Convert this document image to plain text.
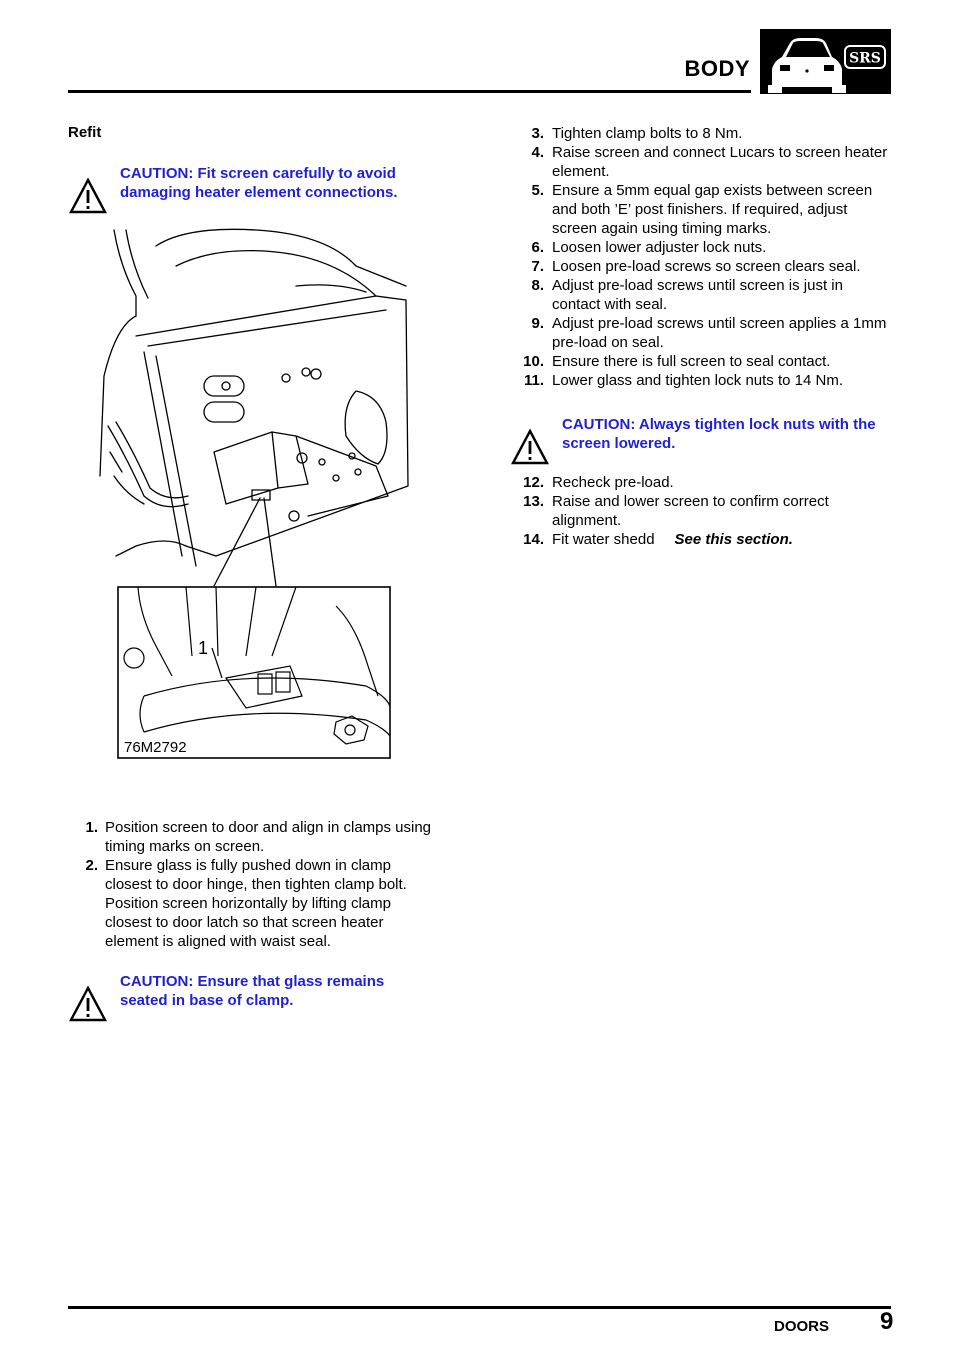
BODY	SRS
Refit
CAUTION: Fit screen carefully to avoid damaging heater element connections.
1
76M2792
1. Position screen to door and align in clamps using timing marks on screen.
2. Ensure glass is fully pushed down in clamp closest to door hinge, then tighten clamp bolt. Position screen horizontally by lifting clamp closest to door latch so that screen heater element is aligned with waist seal.
CAUTION: Ensure that glass remains seated in base of clamp.
3. Tighten clamp bolts to 8 Nm.
4. Raise screen and connect Lucars to screen heater element.
5. Ensure a 5mm equal gap exists between screen and both ’E’ post finishers. If required, adjust screen again using timing marks.
6. Loosen lower adjuster lock nuts.
7. Loosen pre-load screws so screen clears seal.
8. Adjust pre-load screws until screen is just in contact with seal.
9. Adjust pre-load screws until screen applies a 1mm pre-load on seal.
10. Ensure there is full screen to seal contact.
11. Lower glass and tighten lock nuts to 14 Nm.
CAUTION: Always tighten lock nuts with the screen lowered.
12. Recheck pre-load.
13. Raise and lower screen to confirm correct alignment.
14. Fit water shedd See this section.
DOORS 9
